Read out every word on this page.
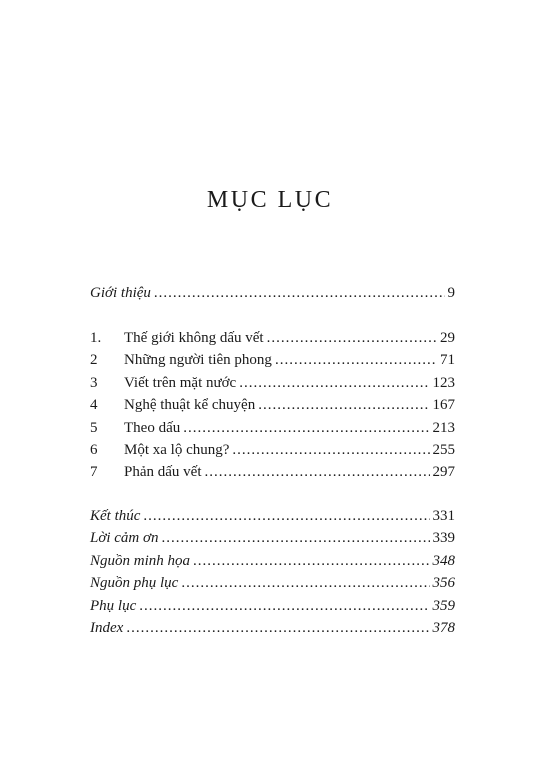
MỤC LỤC
Giới thiệu .....	9
1.	Thế giới không dấu vết .....	29
2	Những người tiên phong .....	71
3	Viết trên mặt nước .....	123
4	Nghệ thuật kể chuyện .....	167
5	Theo dấu .....	213
6	Một xa lộ chung? .....	255
7	Phản dấu vết .....	297
Kết thúc .....	331
Lời cảm ơn .....	339
Nguồn minh họa .....	348
Nguồn phụ lục .....	356
Phụ lục .....	359
Index .....	378
